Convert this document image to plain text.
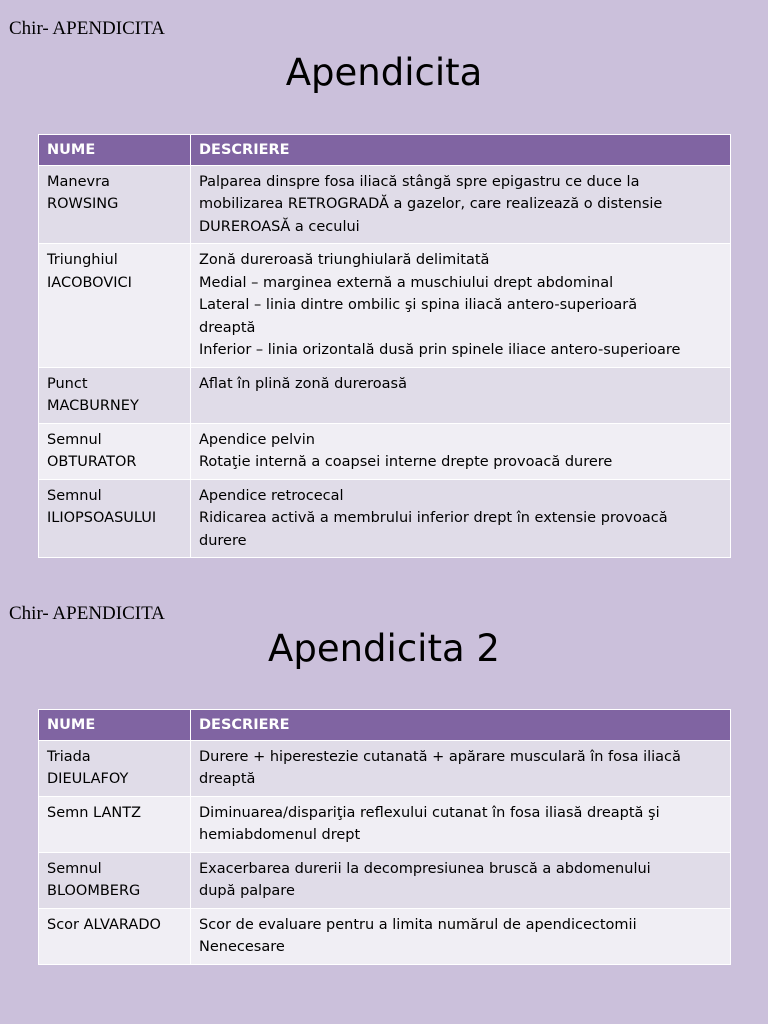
Chir- APENDICITA
Apendicita
NUME	DESCRIERE

Manevra
ROWSING	Palparea dinspre fosa iliacă stângă spre epigastru ce duce la
mobilizarea RETROGRADĂ a gazelor, care realizează o distensie
DUREROASĂ a cecului

Triunghiul
IACOBOVICI	Zonă dureroasă triunghiulară delimitată
Medial – marginea externă a muschiului drept abdominal
Lateral – linia dintre ombilic şi spina iliacă antero-superioară
dreaptă
Inferior – linia orizontală dusă prin spinele iliace antero-superioare

Punct
MACBURNEY	Aflat în plină zonă dureroasă

Semnul
OBTURATOR	Apendice pelvin
Rotaţie internă a coapsei interne drepte provoacă durere

Semnul
ILIOPSOASULUI	Apendice retrocecal
Ridicarea activă a membrului inferior drept în extensie provoacă
durere
Chir- APENDICITA
Apendicita 2
NUME	DESCRIERE

Triada
DIEULAFOY	Durere + hiperestezie cutanată + apărare musculară în fosa iliacă
dreaptă

Semn LANTZ	Diminuarea/dispariţia reflexului cutanat în fosa iliasă dreaptă şi
hemiabdomenul drept

Semnul
BLOOMBERG	Exacerbarea durerii la decompresiunea bruscă a abdomenului
după palpare

Scor ALVARADO	Scor de evaluare pentru a limita numărul de apendicectomii
Nenecesare
